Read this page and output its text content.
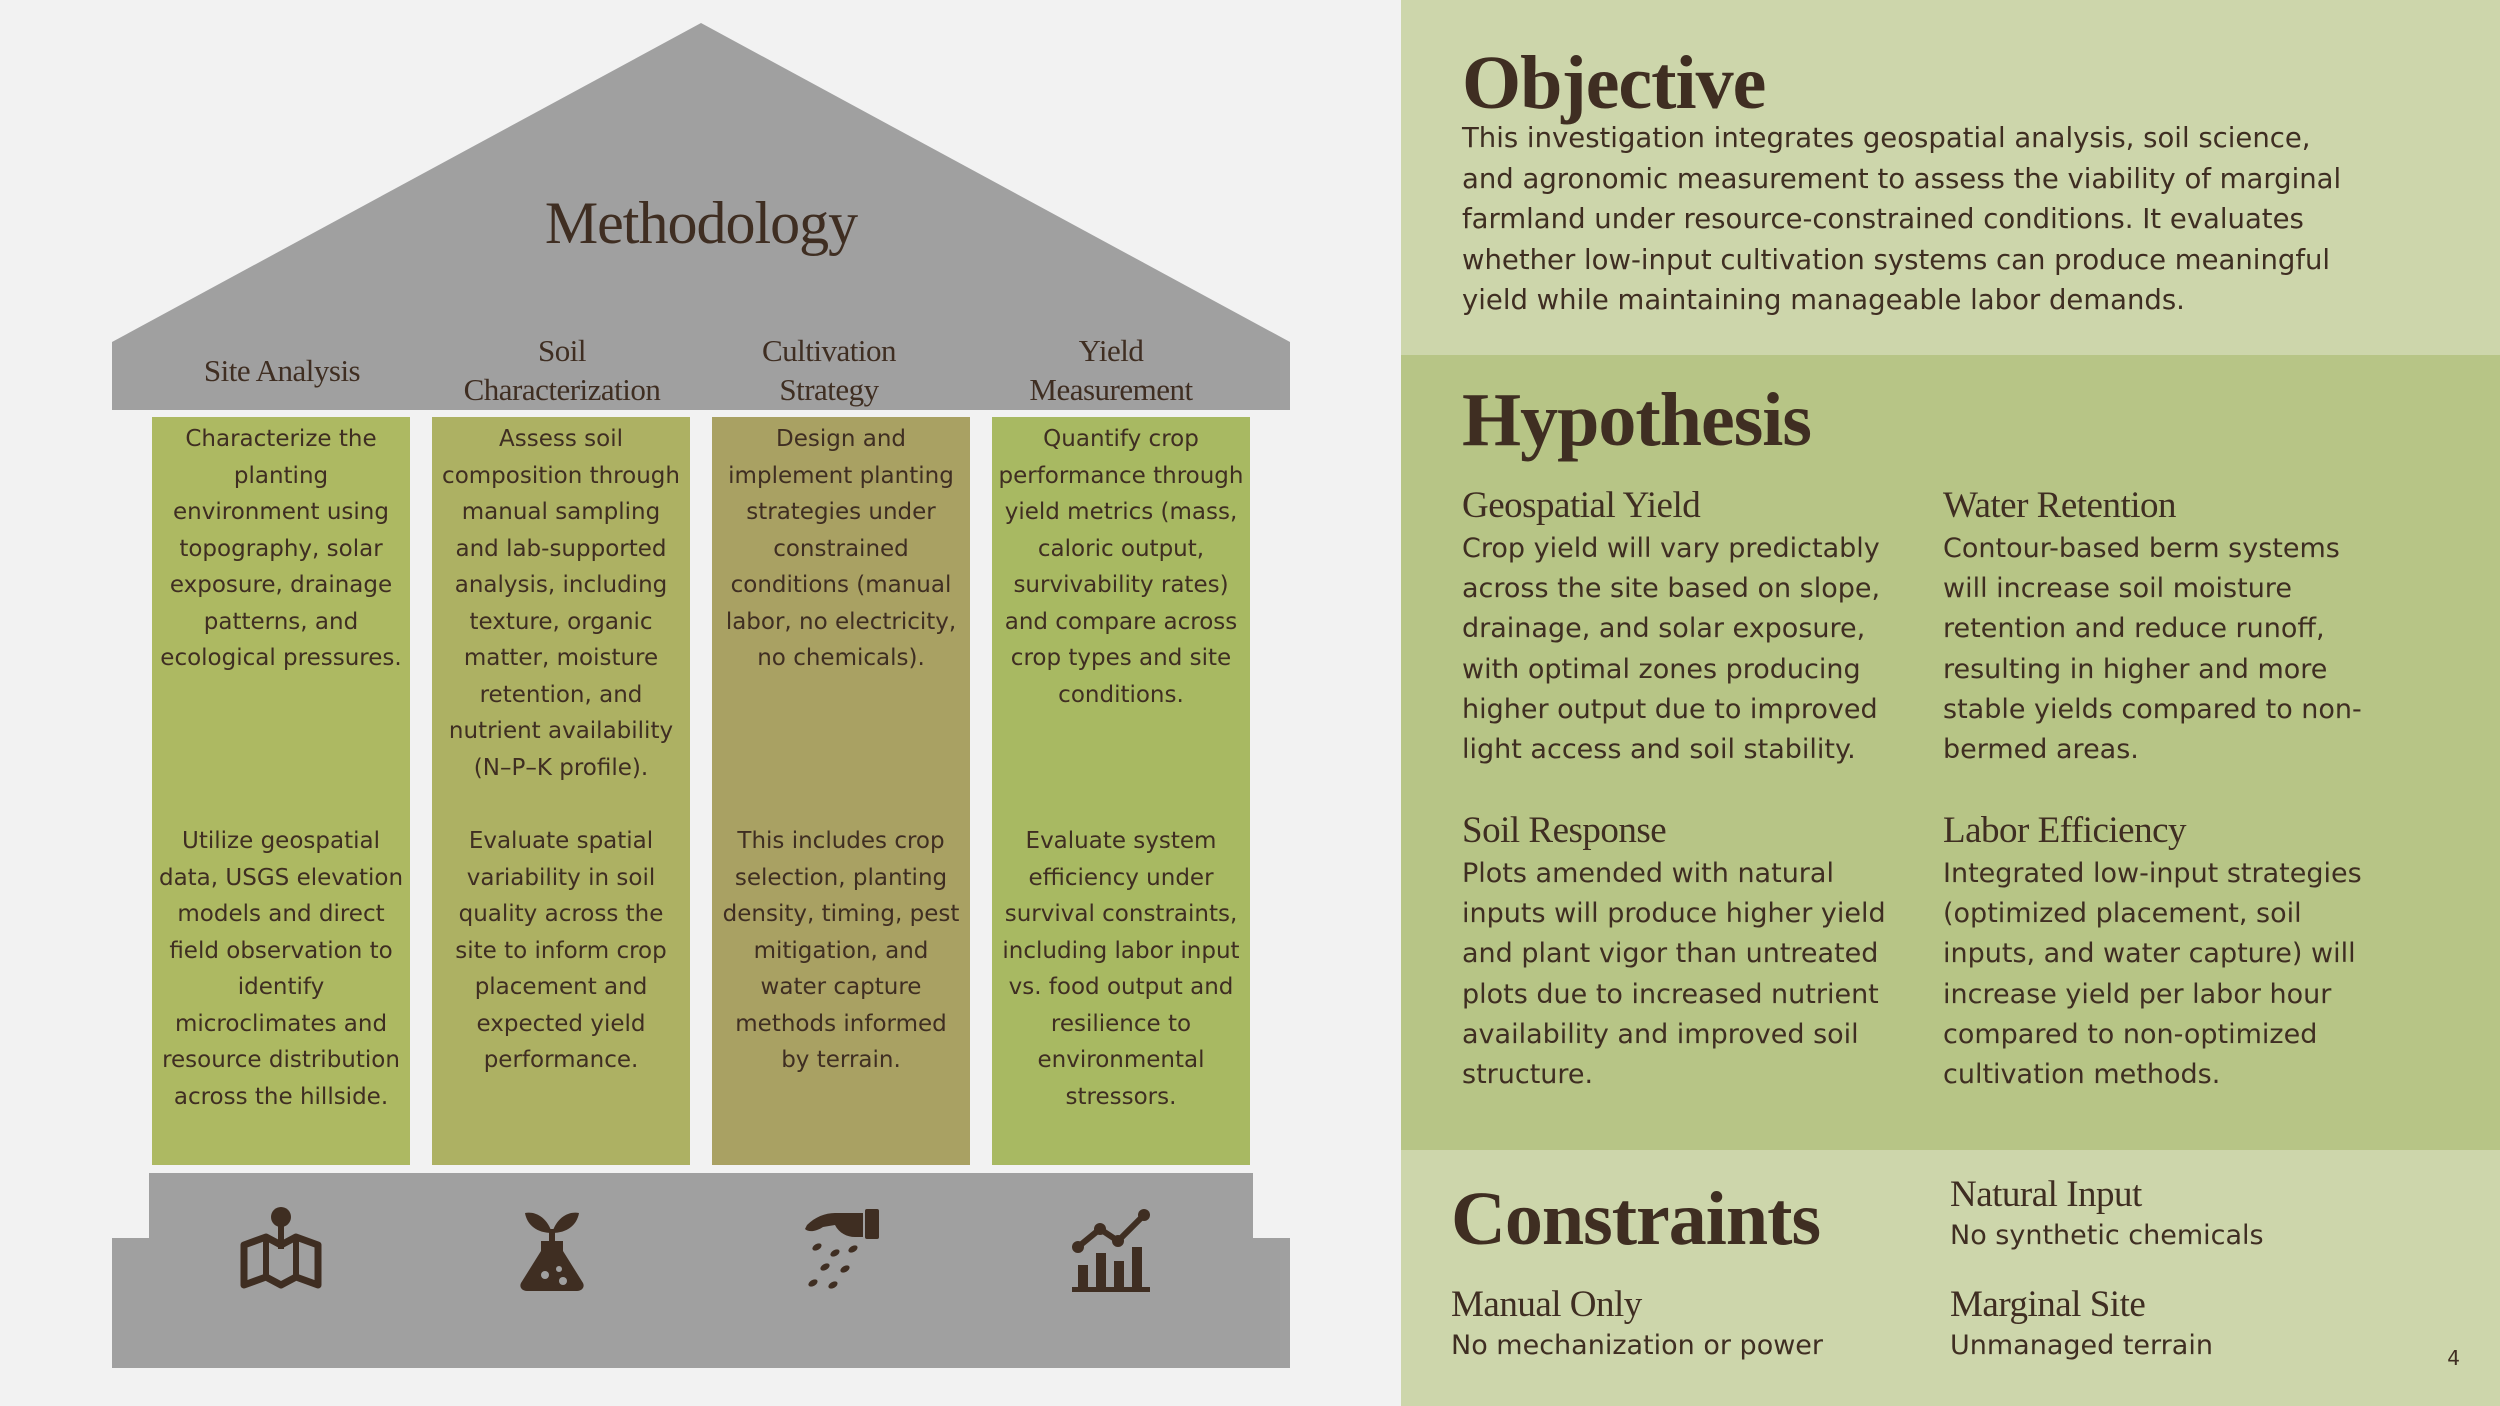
Methodology
Site Analysis
Soil
Characterization
Cultivation
Strategy
Yield
Measurement

Characterize the planting environment using topography, solar exposure, drainage patterns, and ecological pressures.

Utilize geospatial data, USGS elevation models and direct field observation to identify microclimates and resource distribution across the hillside.

Assess soil composition through manual sampling and lab-supported analysis, including texture, organic matter, moisture retention, and nutrient availability (N–P–K profile).

Evaluate spatial variability in soil quality across the site to inform crop placement and expected yield performance.

Design and implement planting strategies under constrained conditions (manual labor, no electricity, no chemicals).

This includes crop selection, planting density, timing, pest mitigation, and water capture methods informed by terrain.

Quantify crop performance through yield metrics (mass, caloric output, survivability rates) and compare across crop types and site conditions.

Evaluate system efficiency under survival constraints, including labor input vs. food output and resilience to environmental stressors.

Objective
This investigation integrates geospatial analysis, soil science, and agronomic measurement to assess the viability of marginal farmland under resource-constrained conditions. It evaluates whether low-input cultivation systems can produce meaningful yield while maintaining manageable labor demands.
Hypothesis
Geospatial Yield

Crop yield will vary predictably across the site based on slope, drainage, and solar exposure, with optimal zones producing higher output due to improved light access and soil stability.

Water Retention

Contour-based berm systems will increase soil moisture retention and reduce runoff, resulting in higher and more stable yields compared to non-bermed areas.

Soil Response

Plots amended with natural inputs will produce higher yield and plant vigor than untreated plots due to increased nutrient availability and improved soil structure.

Labor Efficiency

Integrated low-input strategies (optimized placement, soil inputs, and water capture) will increase yield per labor hour compared to non-optimized cultivation methods.

Constraints	Natural Input

No synthetic chemicals

Manual Only

No mechanization or power

Marginal Site

Unmanaged terrain	4
